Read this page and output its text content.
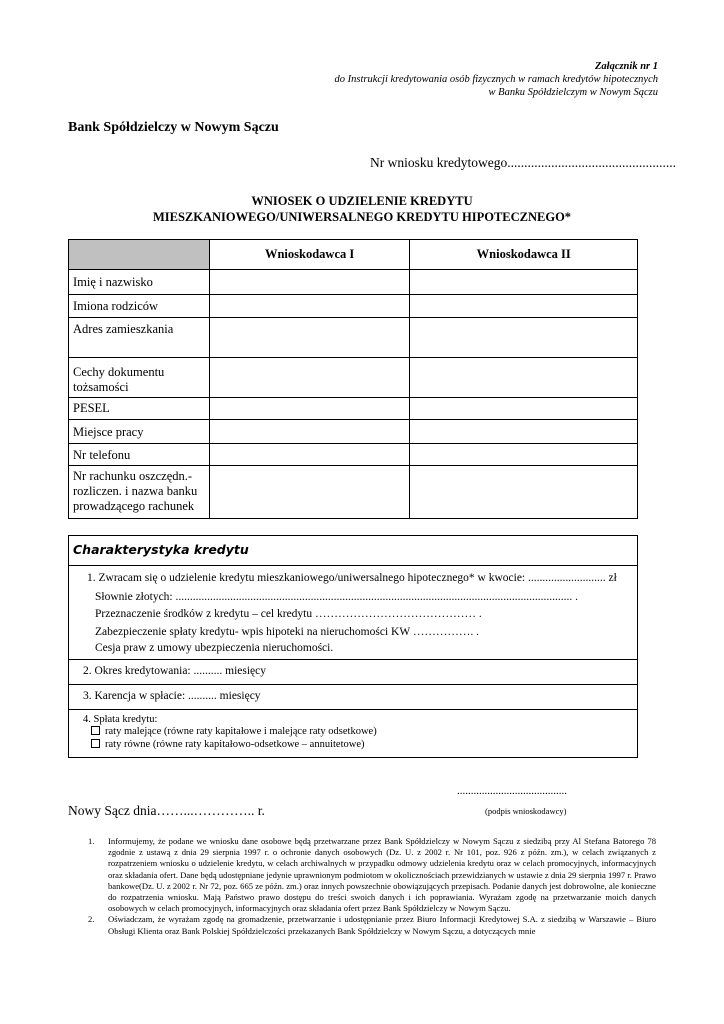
Załącznik nr 1
do Instrukcji kredytowania osób fizycznych w ramach kredytów hipotecznych
w Banku Spółdzielczym w Nowym Sączu
Bank Spółdzielczy w Nowym Sączu
Nr wniosku kredytowego..................................................
WNIOSEK O UDZIELENIE KREDYTU
MIESZKANIOWEGO/UNIWERSALNEGO KREDYTU HIPOTECZNEGO*
	Wnioskodawca I	Wnioskodawca II
Imię i nazwisko		
Imiona rodziców		
Adres zamieszkania		

Cechy dokumentu
tożsamości		

PESEL		
Miejsce pracy		
Nr telefonu		

Nr rachunku oszczędn.-
rozliczen. i nazwa banku
prowadzącego rachunek		

Charakterystyka kredytu
1. Zwracam się o udzielenie kredytu mieszkaniowego/uniwersalnego hipotecznego* w kwocie: ........................... zł
Słownie złotych: .......................................................................................................................................... .
Przeznaczenie środków z kredytu – cel kredytu …………………………………… .
Zabezpieczenie spłaty kredytu- wpis hipoteki na nieruchomości KW ……………. .
Cesja praw z umowy ubezpieczenia nieruchomości.
2. Okres kredytowania: .......... miesięcy
3. Karencja w spłacie: .......... miesięcy
4. Spłata kredytu:
raty malejące (równe raty kapitałowe i malejące raty odsetkowe)
raty równe (równe raty kapitałowo-odsetkowe – annuitetowe)
........................................
Nowy Sącz dnia……...………….. r.	(podpis wnioskodawcy)
1. Informujemy, że podane we wniosku dane osobowe będą przetwarzane przez Bank Spółdzielczy w Nowym Sączu z siedzibą przy Al Stefana Batorego 78 zgodnie z ustawą z dnia 29 sierpnia 1997 r. o ochronie danych osobowych (Dz. U. z 2002 r. Nr 101, poz. 926 z późn. zm.), w celach związanych z rozpatrzeniem wniosku o udzielenie kredytu, w celach archiwalnych w przypadku odmowy udzielenia kredytu oraz w celach promocyjnych, informacyjnych oraz składania ofert. Dane będą udostępniane jedynie uprawnionym podmiotom w okolicznościach przewidzianych w ustawie z dnia 29 sierpnia 1997 r. Prawo bankowe(Dz. U. z 2002 r. Nr 72, poz. 665 ze późn. zm.) oraz innych powszechnie obowiązujących przepisach. Podanie danych jest dobrowolne, ale konieczne do rozpatrzenia wniosku. Mają Państwo prawo dostępu do treści swoich danych i ich poprawiania. Wyrażam zgodę na przetwarzanie moich danych osobowych w celach promocyjnych, informacyjnych oraz składania ofert przez Bank Spółdzielczy w Nowym Sączu.
2. Oświadczam, że wyrażam zgodę na gromadzenie, przetwarzanie i udostępnianie przez Biuro Informacji Kredytowej S.A. z siedzibą w Warszawie – Biuro Obsługi Klienta oraz Bank Polskiej Spółdzielczości przekazanych Bank Spółdzielczy w Nowym Sączu, a dotyczących mnie
